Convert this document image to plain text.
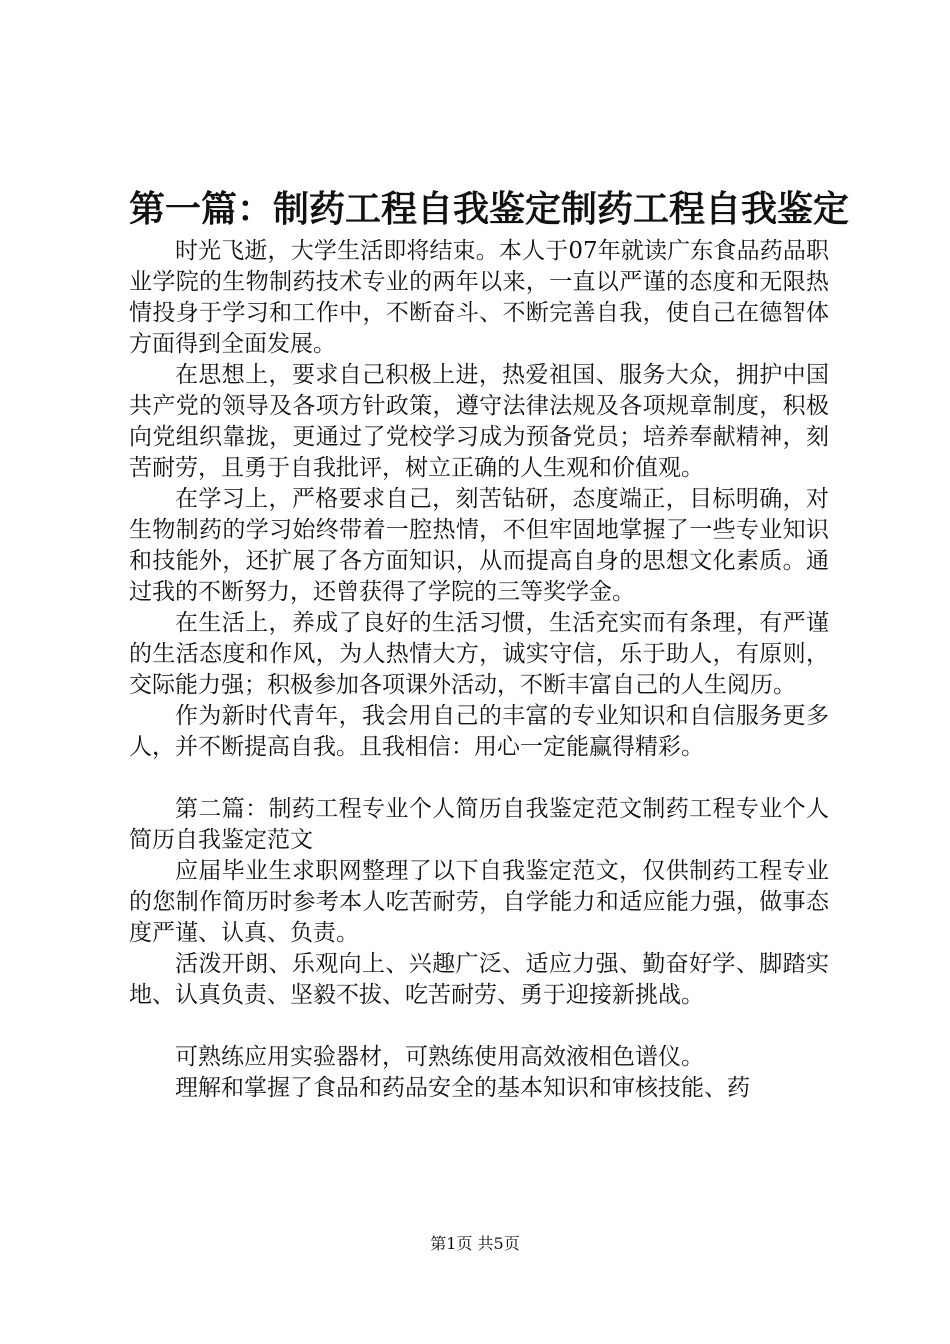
第一篇：制药工程自我鉴定制药工程自我鉴定

时光飞逝，大学生活即将结束。本人于07年就读广东食品药品职业学院的生物制药技术专业的两年以来，一直以严谨的态度和无限热情投身于学习和工作中，不断奋斗、不断完善自我，使自己在德智体方面得到全面发展。

在思想上，要求自己积极上进，热爱祖国、服务大众，拥护中国共产党的领导及各项方针政策，遵守法律法规及各项规章制度，积极向党组织靠拢，更通过了党校学习成为预备党员；培养奉献精神，刻苦耐劳，且勇于自我批评，树立正确的人生观和价值观。

在学习上，严格要求自己，刻苦钻研，态度端正，目标明确，对生物制药的学习始终带着一腔热情，不但牢固地掌握了一些专业知识和技能外，还扩展了各方面知识，从而提高自身的思想文化素质。通过我的不断努力，还曾获得了学院的三等奖学金。

在生活上，养成了良好的生活习惯，生活充实而有条理，有严谨的生活态度和作风，为人热情大方，诚实守信，乐于助人，有原则，交际能力强；积极参加各项课外活动，不断丰富自己的人生阅历。

作为新时代青年，我会用自己的丰富的专业知识和自信服务更多人，并不断提高自我。且我相信：用心一定能赢得精彩。

第二篇：制药工程专业个人简历自我鉴定范文制药工程专业个人简历自我鉴定范文

应届毕业生求职网整理了以下自我鉴定范文，仅供制药工程专业的您制作简历时参考本人吃苦耐劳，自学能力和适应能力强，做事态度严谨、认真、负责。

活泼开朗、乐观向上、兴趣广泛、适应力强、勤奋好学、脚踏实地、认真负责、坚毅不拔、吃苦耐劳、勇于迎接新挑战。

可熟练应用实验器材，可熟练使用高效液相色谱仪。

理解和掌握了食品和药品安全的基本知识和审核技能、药

第1页 共5页
